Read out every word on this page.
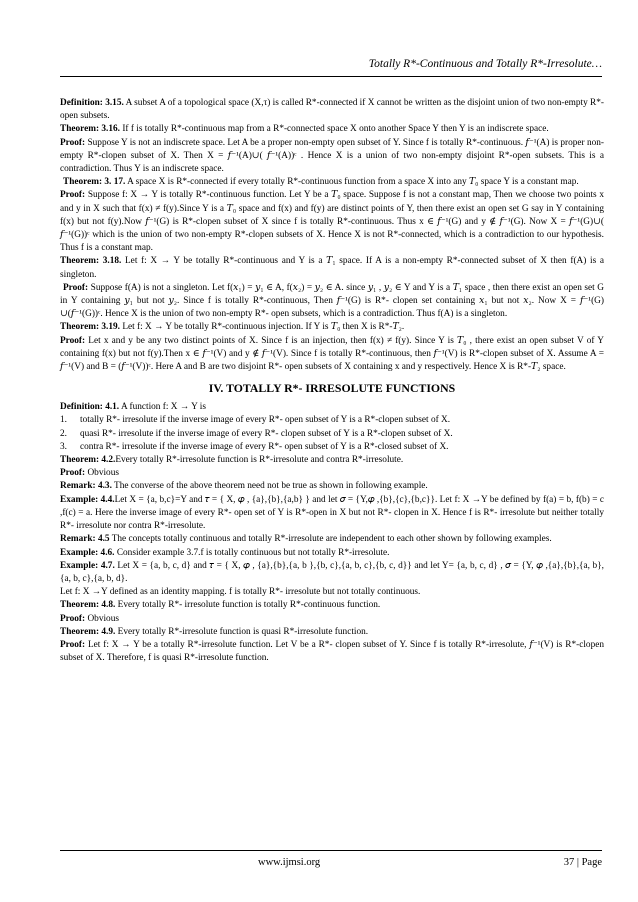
Totally R*-Continuous and Totally R*-Irresolute…

Definition: 3.15. A subset A of a topological space (X,τ) is called R*-connected if X cannot be written as the disjoint union of two non-empty R*-open subsets.

Theorem: 3.16. If f is totally R*-continuous map from a R*-connected space X onto another Space Y then Y is an indiscrete space.

Proof: Suppose Y is not an indiscrete space. Let A be a proper non-empty open subset of Y. Since f is totally R*-continuous. 𝑓⁻¹(A) is proper non-empty R*-clopen subset of X. Then X = 𝑓⁻¹(A)∪( 𝑓⁻¹(A))ᶜ . Hence X is a union of two non-empty disjoint R*-open subsets. This is a contradiction. Thus Y is an indiscrete space.

Theorem: 3. 17. A space X is R*-connected if every totally R*-continuous function from a space X into any 𝑇₀ space Y is a constant map.

Proof: Suppose f: X → Y is totally R*-continuous function. Let Y be a 𝑇₀ space. Suppose f is not a constant map, Then we choose two points x and y in X such that f(x) ≠ f(y).Since Y is a 𝑇₀ space and f(x) and f(y) are distinct points of Y, then there exist an open set G say in Y containing f(x) but not f(y).Now 𝑓⁻¹(G) is R*-clopen subset of X since f is totally R*-continuous. Thus x ∈ 𝑓⁻¹(G) and y ∉ 𝑓⁻¹(G). Now X = 𝑓⁻¹(G)∪( 𝑓⁻¹(G))ᶜ which is the union of two non-empty R*-clopen subsets of X. Hence X is not R*-connected, which is a contradiction to our hypothesis. Thus f is a constant map.

Theorem: 3.18. Let f: X → Y be totally R*-continuous and Y is a 𝑇₁ space. If A is a non-empty R*-connected subset of X then f(A) is a singleton.

Proof: Suppose f(A) is not a singleton. Let f(𝑥₁) = 𝑦₁ ∈ A, f(𝑥₂) = 𝑦₂ ∈ A. since 𝑦₁ , 𝑦₂ ∈ Y and Y is a 𝑇₁ space , then there exist an open set G in Y containing 𝑦₁ but not 𝑦₂. Since f is totally R*-continuous, Then 𝑓⁻¹(G) is R*- clopen set containing 𝑥₁ but not 𝑥₂. Now X = 𝑓⁻¹(G) ∪(𝑓⁻¹(G))ᶜ. Hence X is the union of two non-empty R*- open subsets, which is a contradiction. Thus f(A) is a singleton.

Theorem: 3.19. Let f: X → Y be totally R*-continuous injection. If Y is 𝑇₀ then X is R*-𝑇₂.

Proof: Let x and y be any two distinct points of X. Since f is an injection, then f(x) ≠ f(y). Since Y is 𝑇₀ , there exist an open subset V of Y containing f(x) but not f(y).Then x ∈ 𝑓⁻¹(V) and y ∉ 𝑓⁻¹(V). Since f is totally R*-continuous, then 𝑓⁻¹(V) is R*-clopen subset of X. Assume A = 𝑓⁻¹(V) and B = (𝑓⁻¹(V))ᶜ. Here A and B are two disjoint R*- open subsets of X containing x and y respectively. Hence X is R*-𝑇₂ space.

IV. TOTALLY R*- IRRESOLUTE FUNCTIONS

Definition: 4.1. A function f: X → Y is

1.	totally R*- irresolute if the inverse image of every R*- open subset of Y is a R*-clopen subset of X.
2.	quasi R*- irresolute if the inverse image of every R*- clopen subset of Y is a R*-clopen subset of X.
3.	contra R*- irresolute if the inverse image of every R*- open subset of Y is a R*-closed subset of X.

Theorem: 4.2.Every totally R*-irresolute function is R*-irresolute and contra R*-irresolute.

Proof: Obvious

Remark: 4.3. The converse of the above theorem need not be true as shown in following example.

Example: 4.4.Let X = {a, b,c}=Y and 𝜏 = { X, 𝜑 , {a},{b},{a,b} } and let 𝜎 = {Y,𝜑 ,{b},{c},{b,c}}. Let f: X →Y be defined by f(a) = b, f(b) = c ,f(c) = a. Here the inverse image of every R*- open set of Y is R*-open in X but not R*- clopen in X. Hence f is R*- irresolute but neither totally R*- irresolute nor contra R*-irresolute.

Remark: 4.5 The concepts totally continuous and totally R*-irresolute are independent to each other shown by following examples.

Example: 4.6. Consider example 3.7.f is totally continuous but not totally R*-irresolute.

Example: 4.7. Let X = {a, b, c, d} and 𝜏 = { X, 𝜑 , {a},{b},{a, b },{b, c},{a, b, c},{b, c, d}} and let Y= {a, b, c, d} , 𝜎 = {Y, 𝜑 ,{a},{b},{a, b},{a, b, c},{a, b, d}.

Let f: X →Y defined as an identity mapping. f is totally R*- irresolute but not totally continuous.

Theorem: 4.8. Every totally R*- irresolute function is totally R*-continuous function.

Proof: Obvious

Theorem: 4.9. Every totally R*-irresolute function is quasi R*-irresolute function.

Proof: Let f: X → Y be a totally R*-irresolute function. Let V be a R*- clopen subset of Y. Since f is totally R*-irresolute, 𝑓⁻¹(V) is R*-clopen subset of X. Therefore, f is quasi R*-irresolute function.

www.ijmsi.org	37 | Page
